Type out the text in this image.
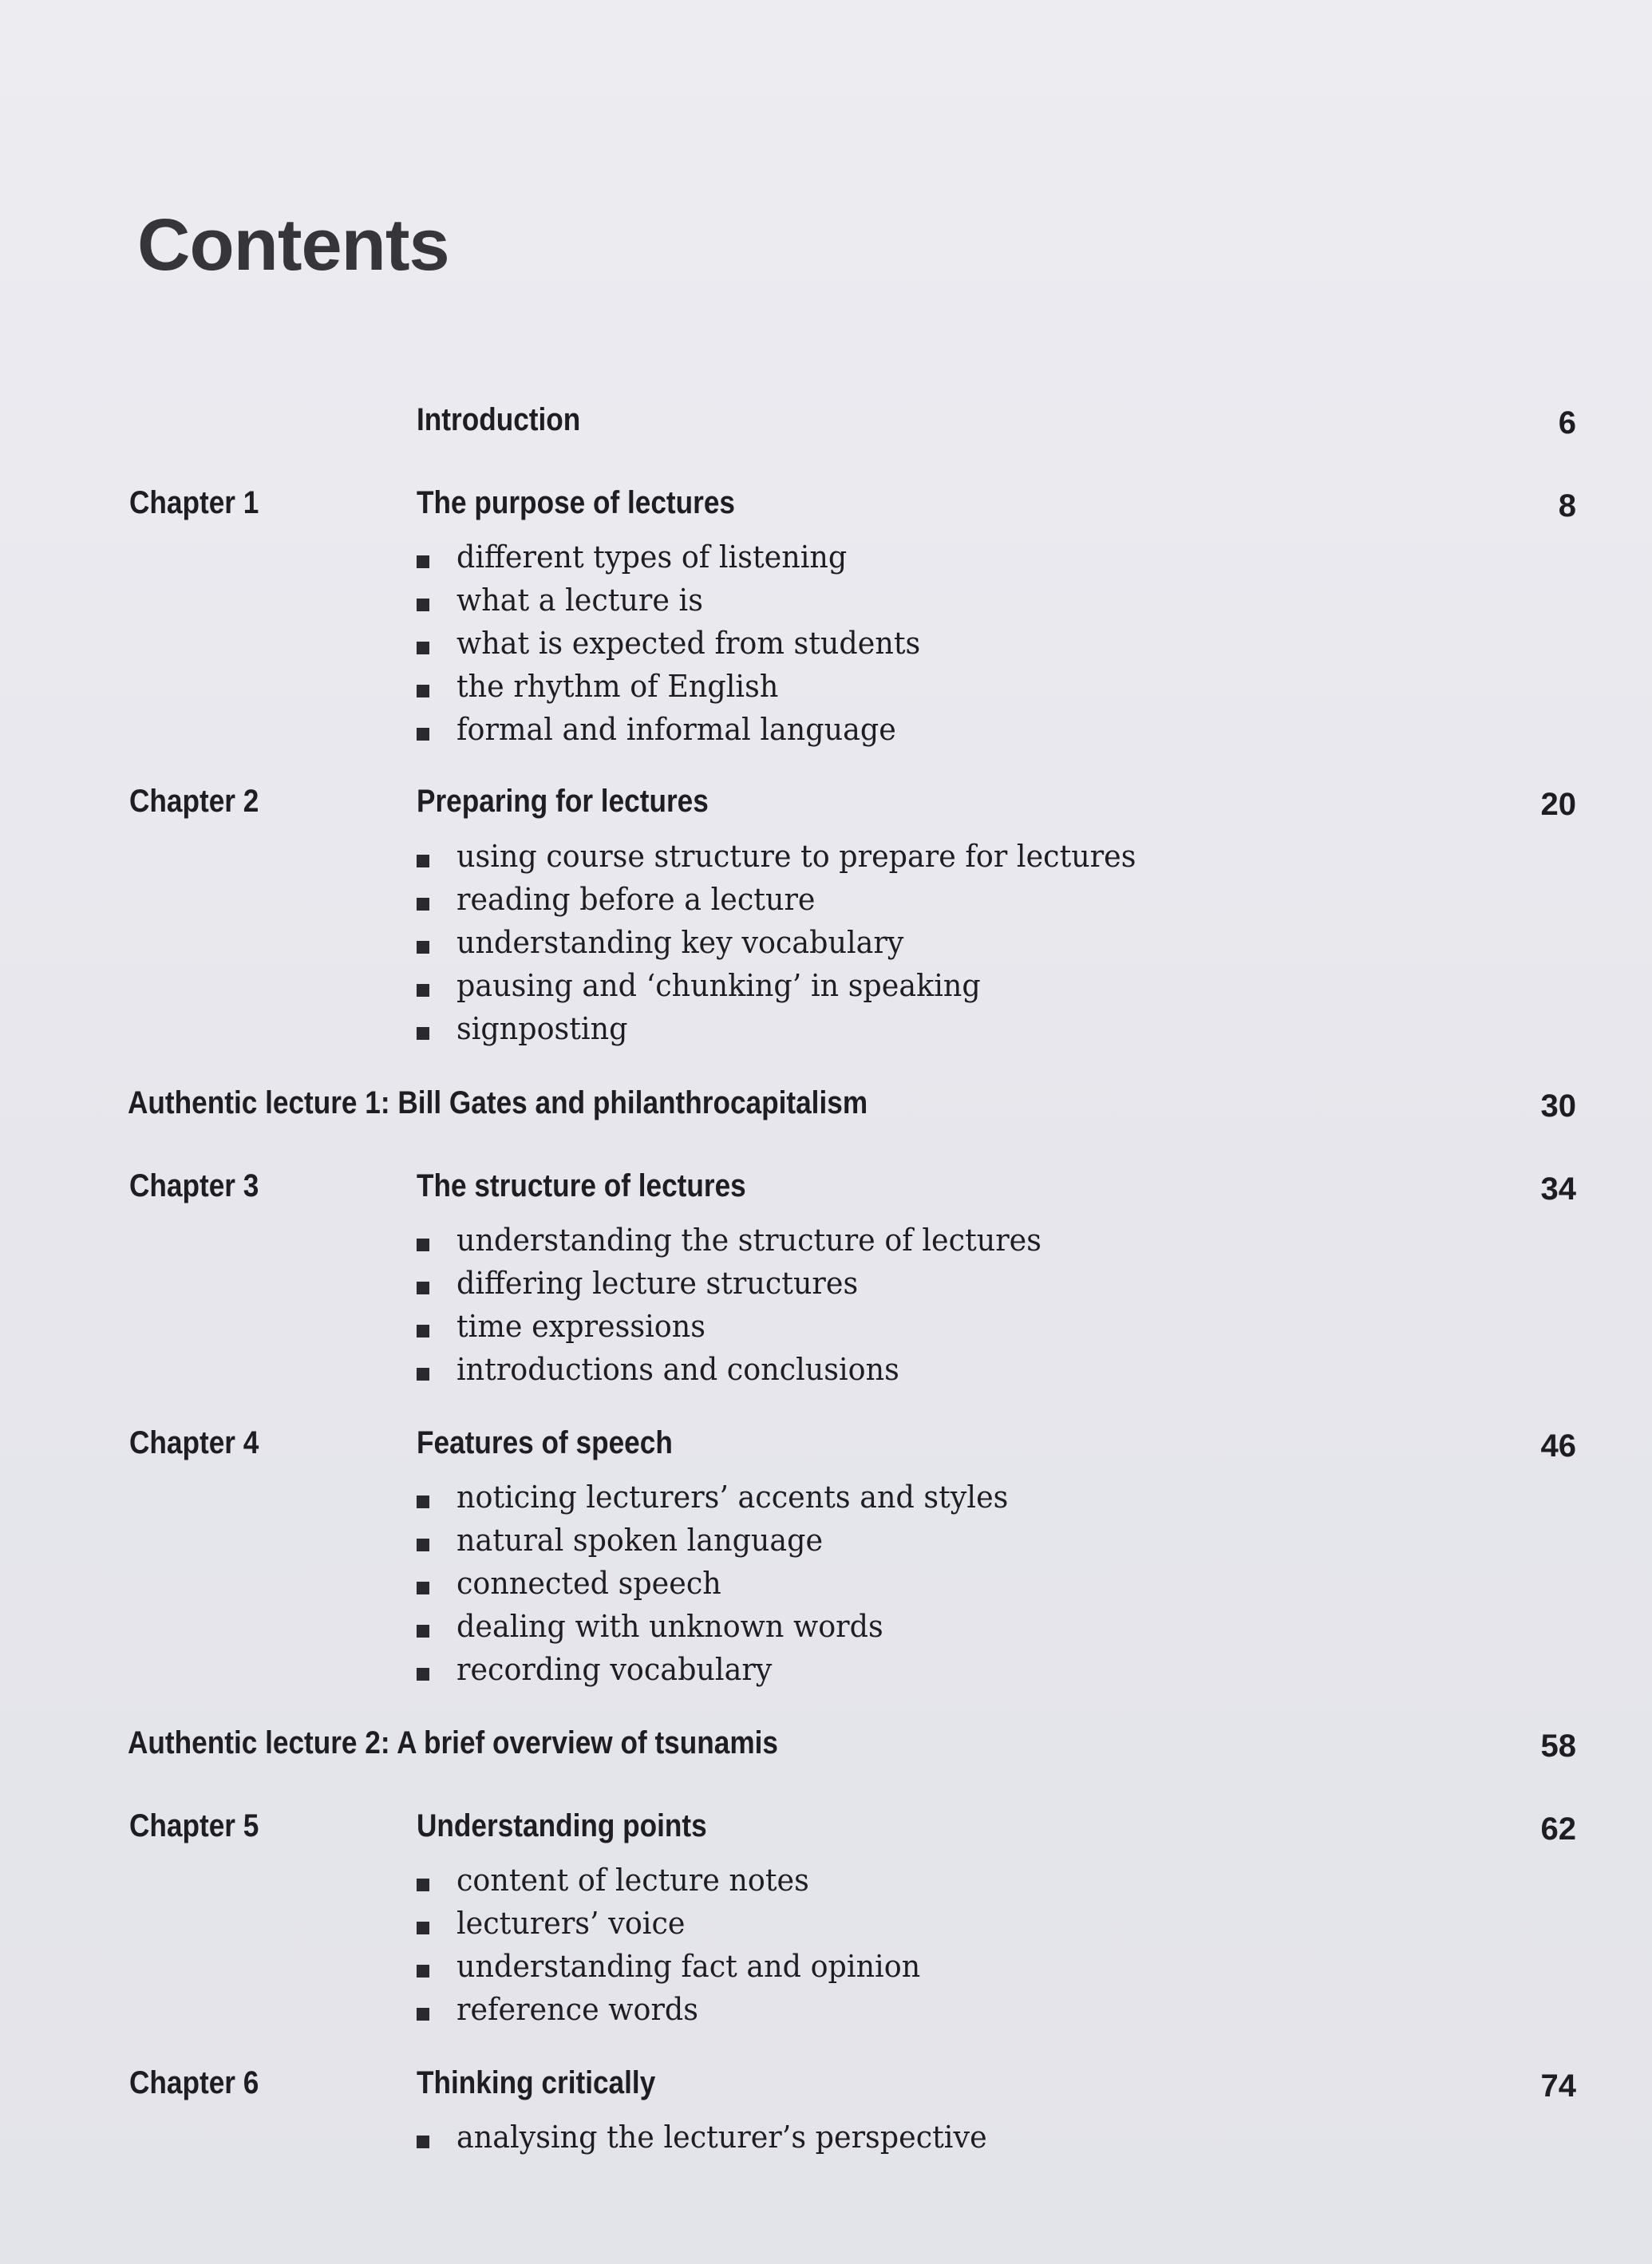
Contents
Introduction	6
Chapter 1	The purpose of lectures	8
different types of listening
what a lecture is
what is expected from students
the rhythm of English
formal and informal language
Chapter 2	Preparing for lectures	20
using course structure to prepare for lectures
reading before a lecture
understanding key vocabulary
pausing and ‘chunking’ in speaking
signposting
Authentic lecture 1: Bill Gates and philanthrocapitalism	30
Chapter 3	The structure of lectures	34
understanding the structure of lectures
differing lecture structures
time expressions
introductions and conclusions
Chapter 4	Features of speech	46
noticing lecturers’ accents and styles
natural spoken language
connected speech
dealing with unknown words
recording vocabulary
Authentic lecture 2: A brief overview of tsunamis	58
Chapter 5	Understanding points	62
content of lecture notes
lecturers’ voice
understanding fact and opinion
reference words
Chapter 6	Thinking critically	74
analysing the lecturer’s perspective
